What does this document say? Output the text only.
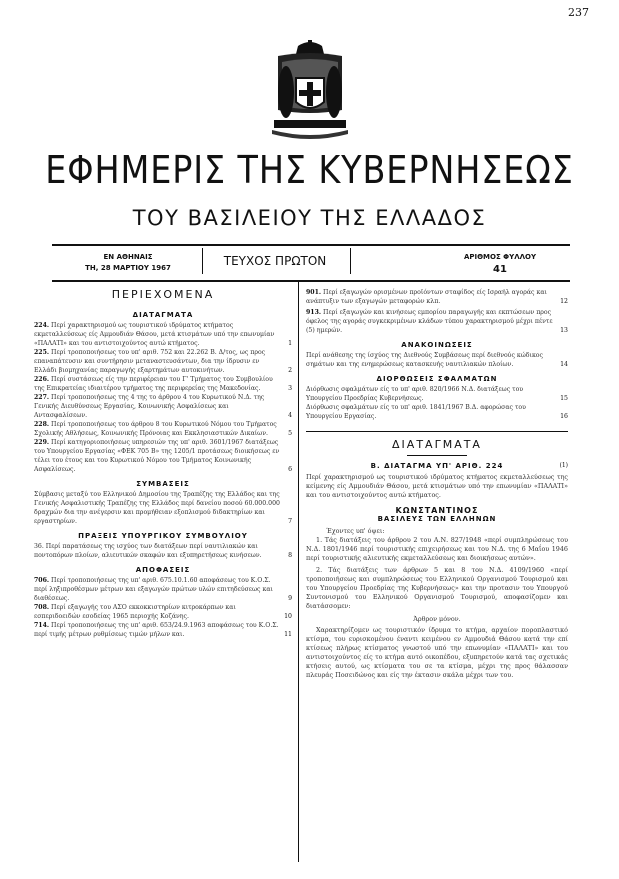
237
ΕΦΗΜΕΡΙΣ ΤΗΣ ΚΥΒΕΡΝΗΣΕΩΣ
ΤΟΥ ΒΑΣΙΛΕΙΟΥ ΤΗΣ ΕΛΛΑΔΟΣ
ΕΝ ΑΘΗΝΑΙΣ
ΤΗ, 28 ΜΑΡΤΙΟΥ 1967	ΤΕΥΧΟΣ ΠΡΩΤΟΝ	ΑΡΙΘΜΟΣ ΦΥΛΛΟΥ
41
ΠΕΡΙΕΧΟΜΕΝΑ
ΔΙΑΤΑΓΜΑΤΑ
224. Περί χαρακτηρισμού ως τουριστικού ιδρύματος κτήματος εκμεταλλεύσεως είς Αμμουδιάν Θάσου, μετά κτισμάτων υπό την επωνυμίαν «ΠΑΛΑΤΙ» και του αντιστοιχούντος αυτώ κτήματος.	1
225. Περί τροποποιήσεως του υπ' αριθ. 752 και 22.262 Β. Δ/τος, ως προς επαναπάτευσιν και συντήρησιν μεταναστευσάντων, δια την ίδρυσιν εν Ελλάδι βιομηχανίας παραγωγής εξαρτημάτων αυτοκινήτων.	2
226. Περί συστάσεως είς την περιφέρειαν του Γ' Τμήματος του Συμβουλίου της Επικρατείας ιδιαιτέρου τμήματος της περιφερείας της Μακεδονίας.	3
227. Περί τροποποιήσεως της 4 της το άρθρου 4 του Κυρωτικού Ν.Δ. της Γενικής Διευθύνσεως Εργασίας, Κοινωνικής Ασφαλίσεως και Αντασφαλίσεων.	4
228. Περί τροποποιήσεως του άρθρου 8 του Κυρωτικού Νόμου του Τμήματος Σχολικής Αθλήσεως, Κοινωνικής Πρόνοιας και Εκκλησιαστικών Δικαίων.	5
229. Περί κατηγοριοποιήσεως υπηρεσιών της υπ' αριθ. 3601/1967 διατάξεως του Υπουργείου Εργασίας «ΦΕΚ 705 Β» της 1205/1 προτάσεως διοικήσεως εν τέλει του έτους και του Κυρωτικού Νόμου του Τμήματος Κοινωνικής Ασφαλίσεως.	6
ΣΥΜΒΑΣΕΙΣ
Σύμβασις μεταξύ του Ελληνικού Δημοσίου της Τραπέζης της Ελλάδος και της Γενικής Ασφαλιστικής Τραπέζης της Ελλάδος περί δανείου ποσού 60.000.000 δραχμών δια την ανέγερσιν και προμήθειαν εξοπλισμού διδακτηρίων και εργαστηρίων.	7
ΠΡΑΞΕΙΣ ΥΠΟΥΡΓΙΚΟΥ ΣΥΜΒΟΥΛΙΟΥ
36. Περί παρατάσεως της ισχύος των διατάξεων περί ναυτιλιακών και ποντοπόρων πλοίων, αλιευτικών σκαφών και εξυπηρετήσεως κινήσεων.	8
ΑΠΟΦΑΣΕΙΣ
706. Περί τροποποιήσεως της υπ' αριθ. 675.10.1.60 αποφάσεως του Κ.Ο.Σ. περί ληξιπροθέσμων μέτρων και εξαγωγών πρώτων υλών επιτηδεύσεως και διαθέσεως.	9
708. Περί εξαγωγής του ΑΣΟ εκκοκκιστηρίων κιτροκάρπων και εσπεριδοειδών εσοδείας 1965 περιοχής Κοζάνης.	10
714. Περί τροποποιήσεως της υπ' αριθ. 653/24.9.1963 αποφάσεως του Κ.Ο.Σ. περί τιμής μέτρων ρυθμίσεως τιμών μήλων και.	11
901. Περί εξαγωγών ορισμένων προϊόντων σταφίδος είς Ισραήλ αγοράς και ανάπτυξιν των εξαγωγών μεταφορών κλπ.	12
913. Περί εξαγωγών και κινήσεως εμπορίου παραγωγής και εκπτώσεων προς όφελος της αγοράς συγκεκριμένων κλάδων τύπου χαρακτηρισμού μέχρι πέντε (5) ημερών.	13
ΑΝΑΚΟΙΝΩΣΕΙΣ
Περί ανάθεσης της ίσχύος της Διεθνούς Συμβάσεως περί διεθνούς κώδικος σημάτων και της ενημερώσεως κατασκευής ναυτιλιακών πλοίων.	14
ΔΙΟΡΘΩΣΕΙΣ ΣΦΑΛΜΑΤΩΝ
Διόρθωσις σφαλμάτων είς το υπ' αριθ. 820/1966 Ν.Δ. διατάξεως του Υπουργείου Προεδρίας Κυβερνήσεως.	15
Διόρθωσις σφαλμάτων είς το υπ' αριθ. 1841/1967 Β.Δ. αφορώσας του Υπουργείου Εργασίας.	16
ΔΙΑΤΑΓΜΑΤΑ
Β. ΔΙΑΤΑΓΜΑ ΥΠ' ΑΡΙΘ. 224	(1)
Περί χαρακτηρισμού ως τουριστικού ιδρύματος κτήματος εκμεταλλεύσεως της κείμενης είς Αμμουδιάν Θάσου, μετά κτισμάτων υπό την επωνυμίαν «ΠΑΛΑΤΙ» και του αντιστοιχούντος αυτώ κτήματος.
ΚΩΝΣΤΑΝΤΙΝΟΣ
ΒΑΣΙΛΕΥΣ ΤΩΝ ΕΛΛΗΝΩΝ
Έχοντες υπ' όψει:
1. Τάς διατάξεις του άρθρου 2 του Α.Ν. 827/1948 «περί συμπληρώσεως του Ν.Δ. 1801/1946 περί τουριστικής επιχειρήσεως και του Ν.Δ. της 6 Μαΐου 1946 περί τουριστικής αλιευτικής εκμεταλλεύσεως και διοικήσεως αυτών».
2. Τάς διατάξεις των άρθρων 5 και 8 του Ν.Δ. 4109/1960 «περί τροποποιήσεως και συμπληρώσεως του Ελληνικού Οργανισμού Τουρισμού και του Υπουργείου Προεδρίας της Κυβερνήσεως» και την προτασιν του Υπουργού Συντονισμού του Ελληνικού Οργανισμού Τουρισμού, αποφασίζομεν και διατάσσομεν:
Άρθρον μόνον.
Χαρακτηρίζομεν ως τουριστικόν ίδρυμα το κτήμα, αρχαίον ποροπλαστικό κτίσμα, του ευρισκομένου έναντι κειμένου εν Αμμουδιά Θάσου κατά την επί κτίσεως πλήρως κτίσματος γνωστού υπό την επωνυμίαν «ΠΑΛΑΤΙ» και του αντιστοιχούντος είς το κτήμα αυτό οικοπέδου, εξυπηρετούν κατά τας σχετικάς κτήσεις αυτού, ως κτίσματα του σε τα κτίσμα, μέχρι της προς θάλασσαν πλευράς Ποσειδώνος και είς την έκτασιν σκάλα μέχρι των του.
